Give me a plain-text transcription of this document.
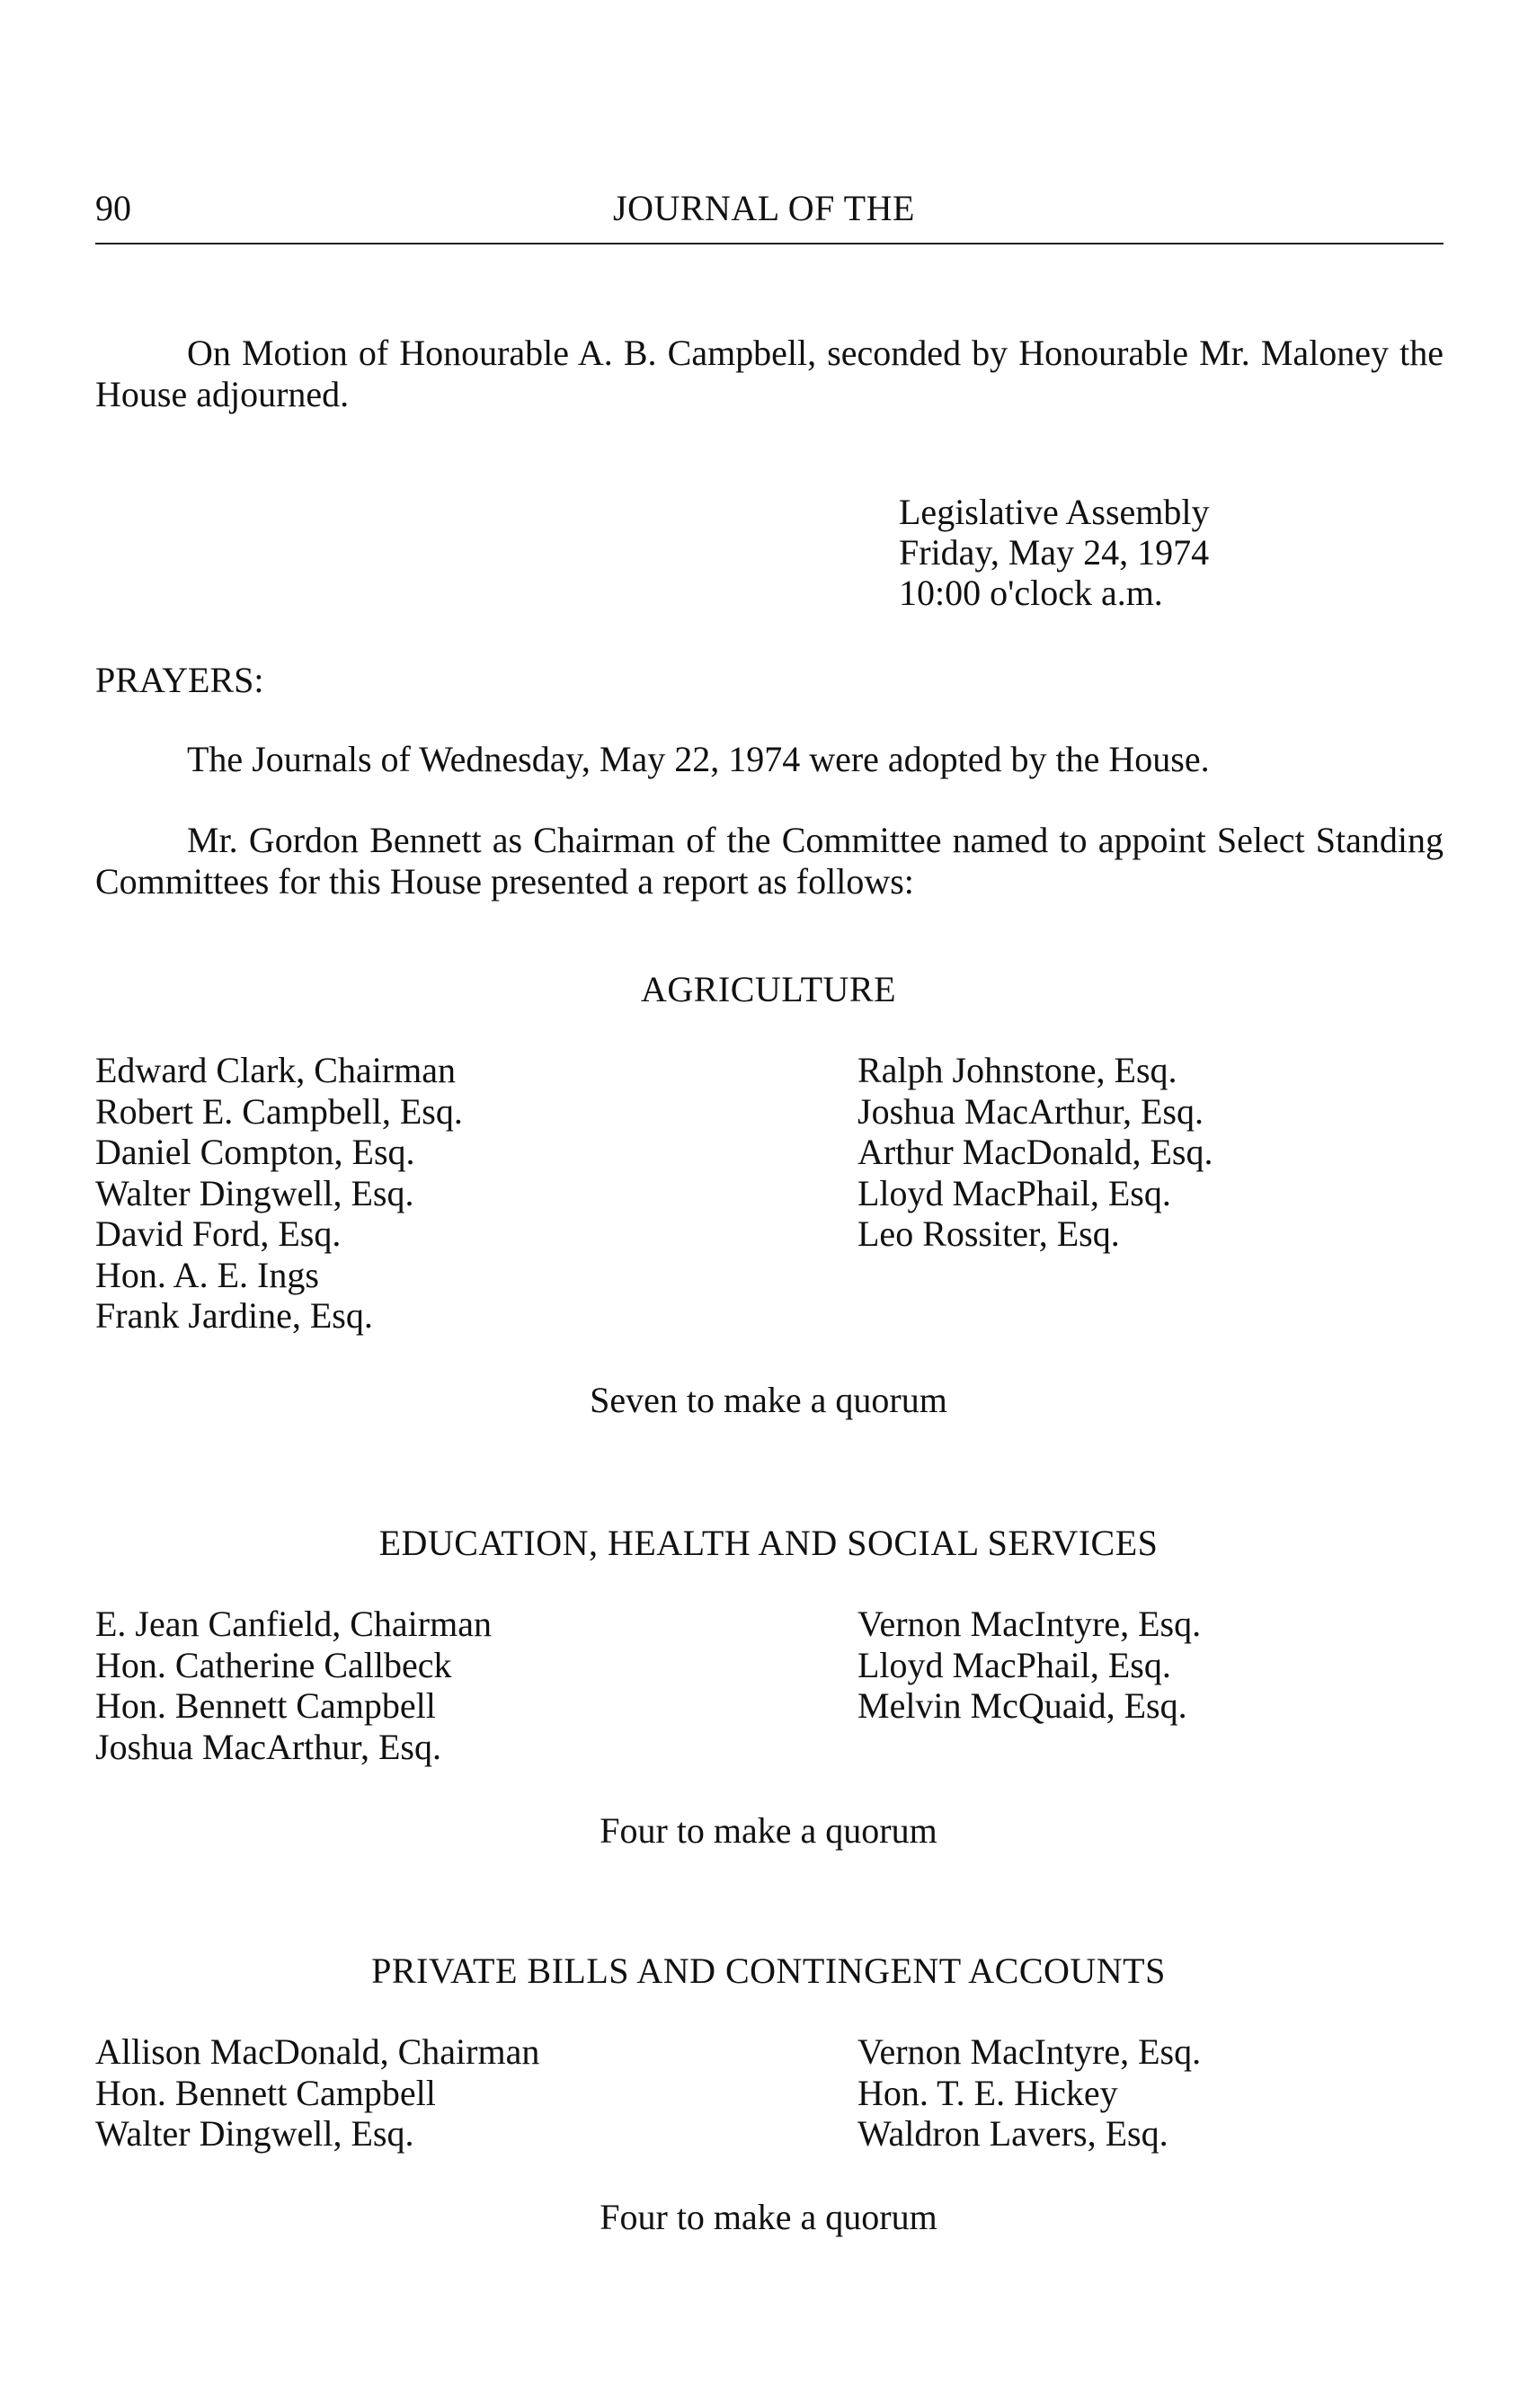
90	JOURNAL OF THE

On Motion of Honourable A. B. Campbell, seconded by Honourable Mr. Maloney the House adjourned.

Legislative Assembly
Friday, May 24, 1974
10:00 o'clock a.m.
PRAYERS:

The Journals of Wednesday, May 22, 1974 were adopted by the House.

Mr. Gordon Bennett as Chairman of the Committee named to appoint Select Standing Committees for this House presented a report as follows:

AGRICULTURE
Edward Clark, Chairman
Robert E. Campbell, Esq.
Daniel Compton, Esq.
Walter Dingwell, Esq.
David Ford, Esq.
Hon. A. E. Ings
Frank Jardine, Esq.
Ralph Johnstone, Esq.
Joshua MacArthur, Esq.
Arthur MacDonald, Esq.
Lloyd MacPhail, Esq.
Leo Rossiter, Esq.
Seven to make a quorum
EDUCATION, HEALTH AND SOCIAL SERVICES
E. Jean Canfield, Chairman
Hon. Catherine Callbeck
Hon. Bennett Campbell
Joshua MacArthur, Esq.
Vernon MacIntyre, Esq.
Lloyd MacPhail, Esq.
Melvin McQuaid, Esq.
Four to make a quorum
PRIVATE BILLS AND CONTINGENT ACCOUNTS
Allison MacDonald, Chairman
Hon. Bennett Campbell
Walter Dingwell, Esq.
Vernon MacIntyre, Esq.
Hon. T. E. Hickey
Waldron Lavers, Esq.
Four to make a quorum
